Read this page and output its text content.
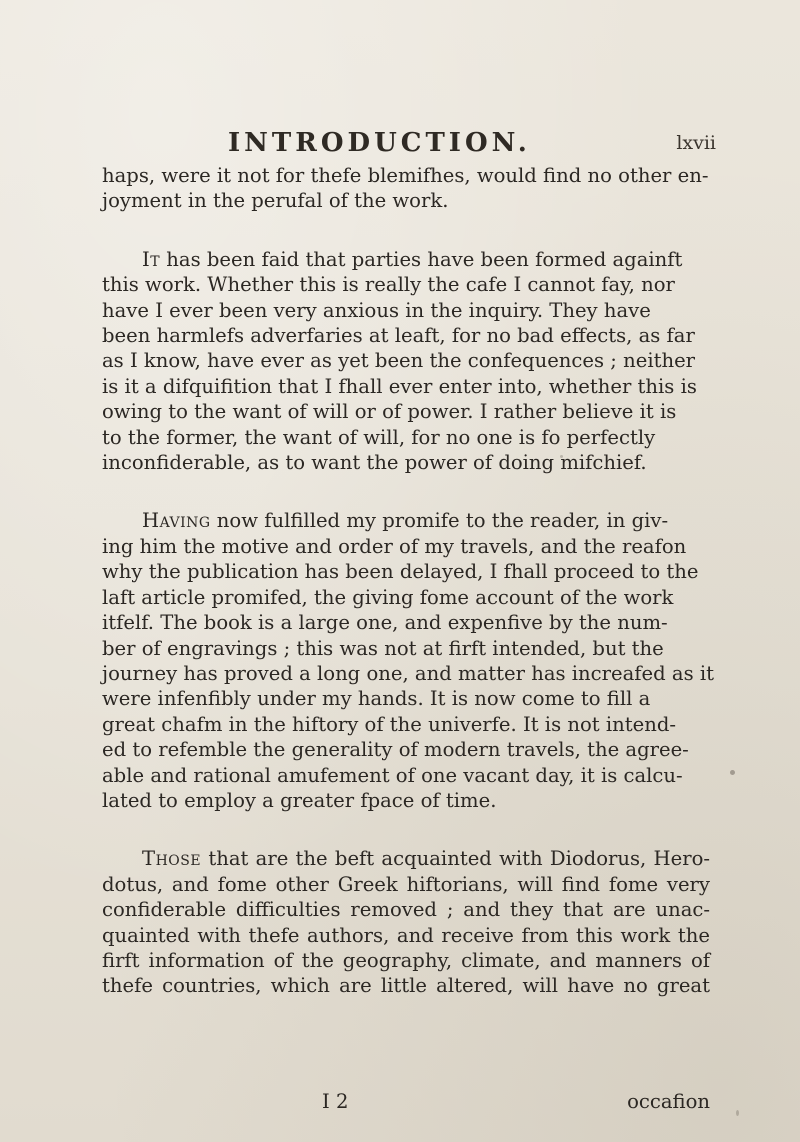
INTRODUCTION.	lxvii

haps, were it not for thefe blemifhes, would find no other en-
joyment in the perufal of the work.

It has been faid that parties have been formed againft
this work. Whether this is really the cafe I cannot fay, nor
have I ever been very anxious in the inquiry. They have
been harmlefs adverfaries at leaft, for no bad effects, as far
as I know, have ever as yet been the confequences ; neither
is it a difquifition that I fhall ever enter into, whether this is
owing to the want of will or of power. I rather believe it is
to the former, the want of will, for no one is fo perfectly
inconfiderable, as to want the power of doing mifchief.

Having now fulfilled my promife to the reader, in giv-
ing him the motive and order of my travels, and the reafon
why the publication has been delayed, I fhall proceed to the
laft article promifed, the giving fome account of the work
itfelf. The book is a large one, and expenfive by the num-
ber of engravings ; this was not at firft intended, but the
journey has proved a long one, and matter has increafed as it
were infenfibly under my hands. It is now come to fill a
great chafm in the hiftory of the univerfe. It is not intend-
ed to refemble the generality of modern travels, the agree-
able and rational amufement of one vacant day, it is calcu-
lated to employ a greater fpace of time.

Those that are the beft acquainted with Diodorus, Hero-
dotus, and fome other Greek hiftorians, will find fome very
confiderable difficulties removed ; and they that are unac-
quainted with thefe authors, and receive from this work the
firft information of the geography, climate, and manners of
thefe countries, which are little altered, will have no great

I 2	occafion
